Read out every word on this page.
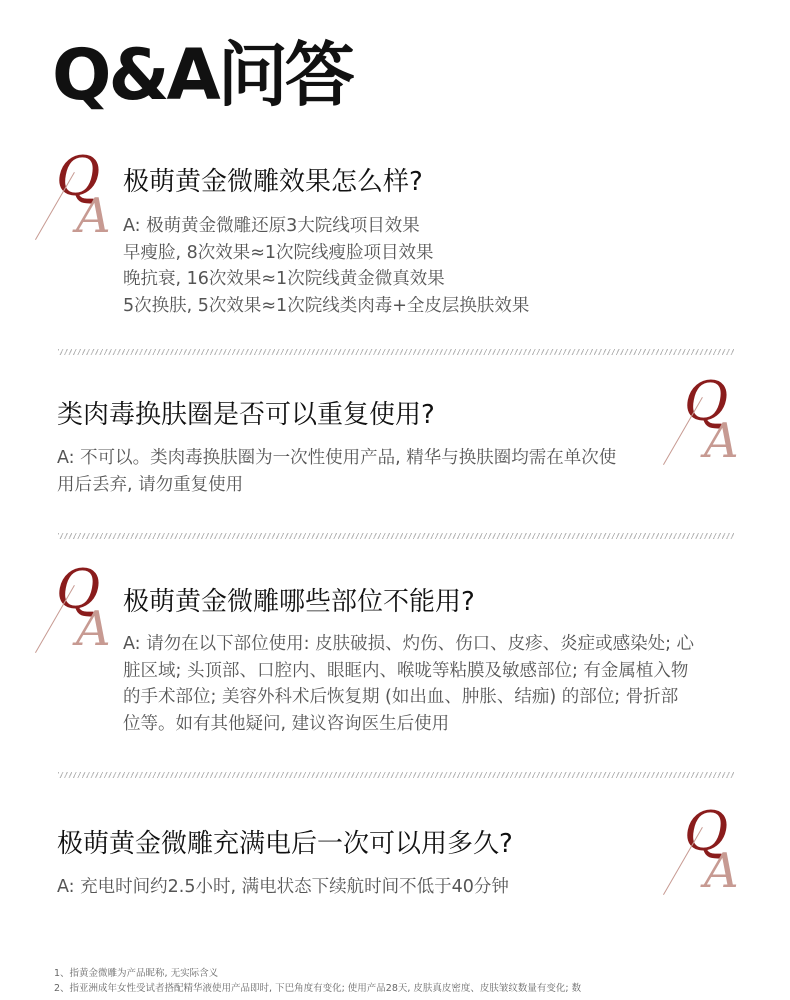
Q&A问答
Q
A
极萌黄金微雕效果怎么样?

A: 极萌黄金微雕还原3大院线项目效果

早瘦脸, 8次效果≈1次院线瘦脸项目效果

晚抗衰, 16次效果≈1次院线黄金微真效果

5次换肤, 5次效果≈1次院线类肉毒+全皮层换肤效果

类肉毒换肤圈是否可以重复使用?

A: 不可以。类肉毒换肤圈为一次性使用产品, 精华与换肤圈均需在单次使

用后丢弃, 请勿重复使用

Q
A
Q
A 极萌黄金微雕哪些部位不能用?

A: 请勿在以下部位使用: 皮肤破损、灼伤、伤口、皮疹、炎症或感染处; 心

脏区域; 头顶部、口腔内、眼眶内、喉咙等粘膜及敏感部位; 有金属植入物

的手术部位; 美容外科术后恢复期 (如出血、肿胀、结痂) 的部位; 骨折部

位等。如有其他疑问, 建议咨询医生后使用

极萌黄金微雕充满电后一次可以用多久?

A: 充电时间约2.5小时, 满电状态下续航时间不低于40分钟

Q
A

1、指黄金微雕为产品昵称, 无实际含义

2、指亚洲成年女性受试者搭配精华液使用产品即时, 下巴角度有变化; 使用产品28天, 皮肤真皮密度、皮肤皱纹数量有变化; 数
